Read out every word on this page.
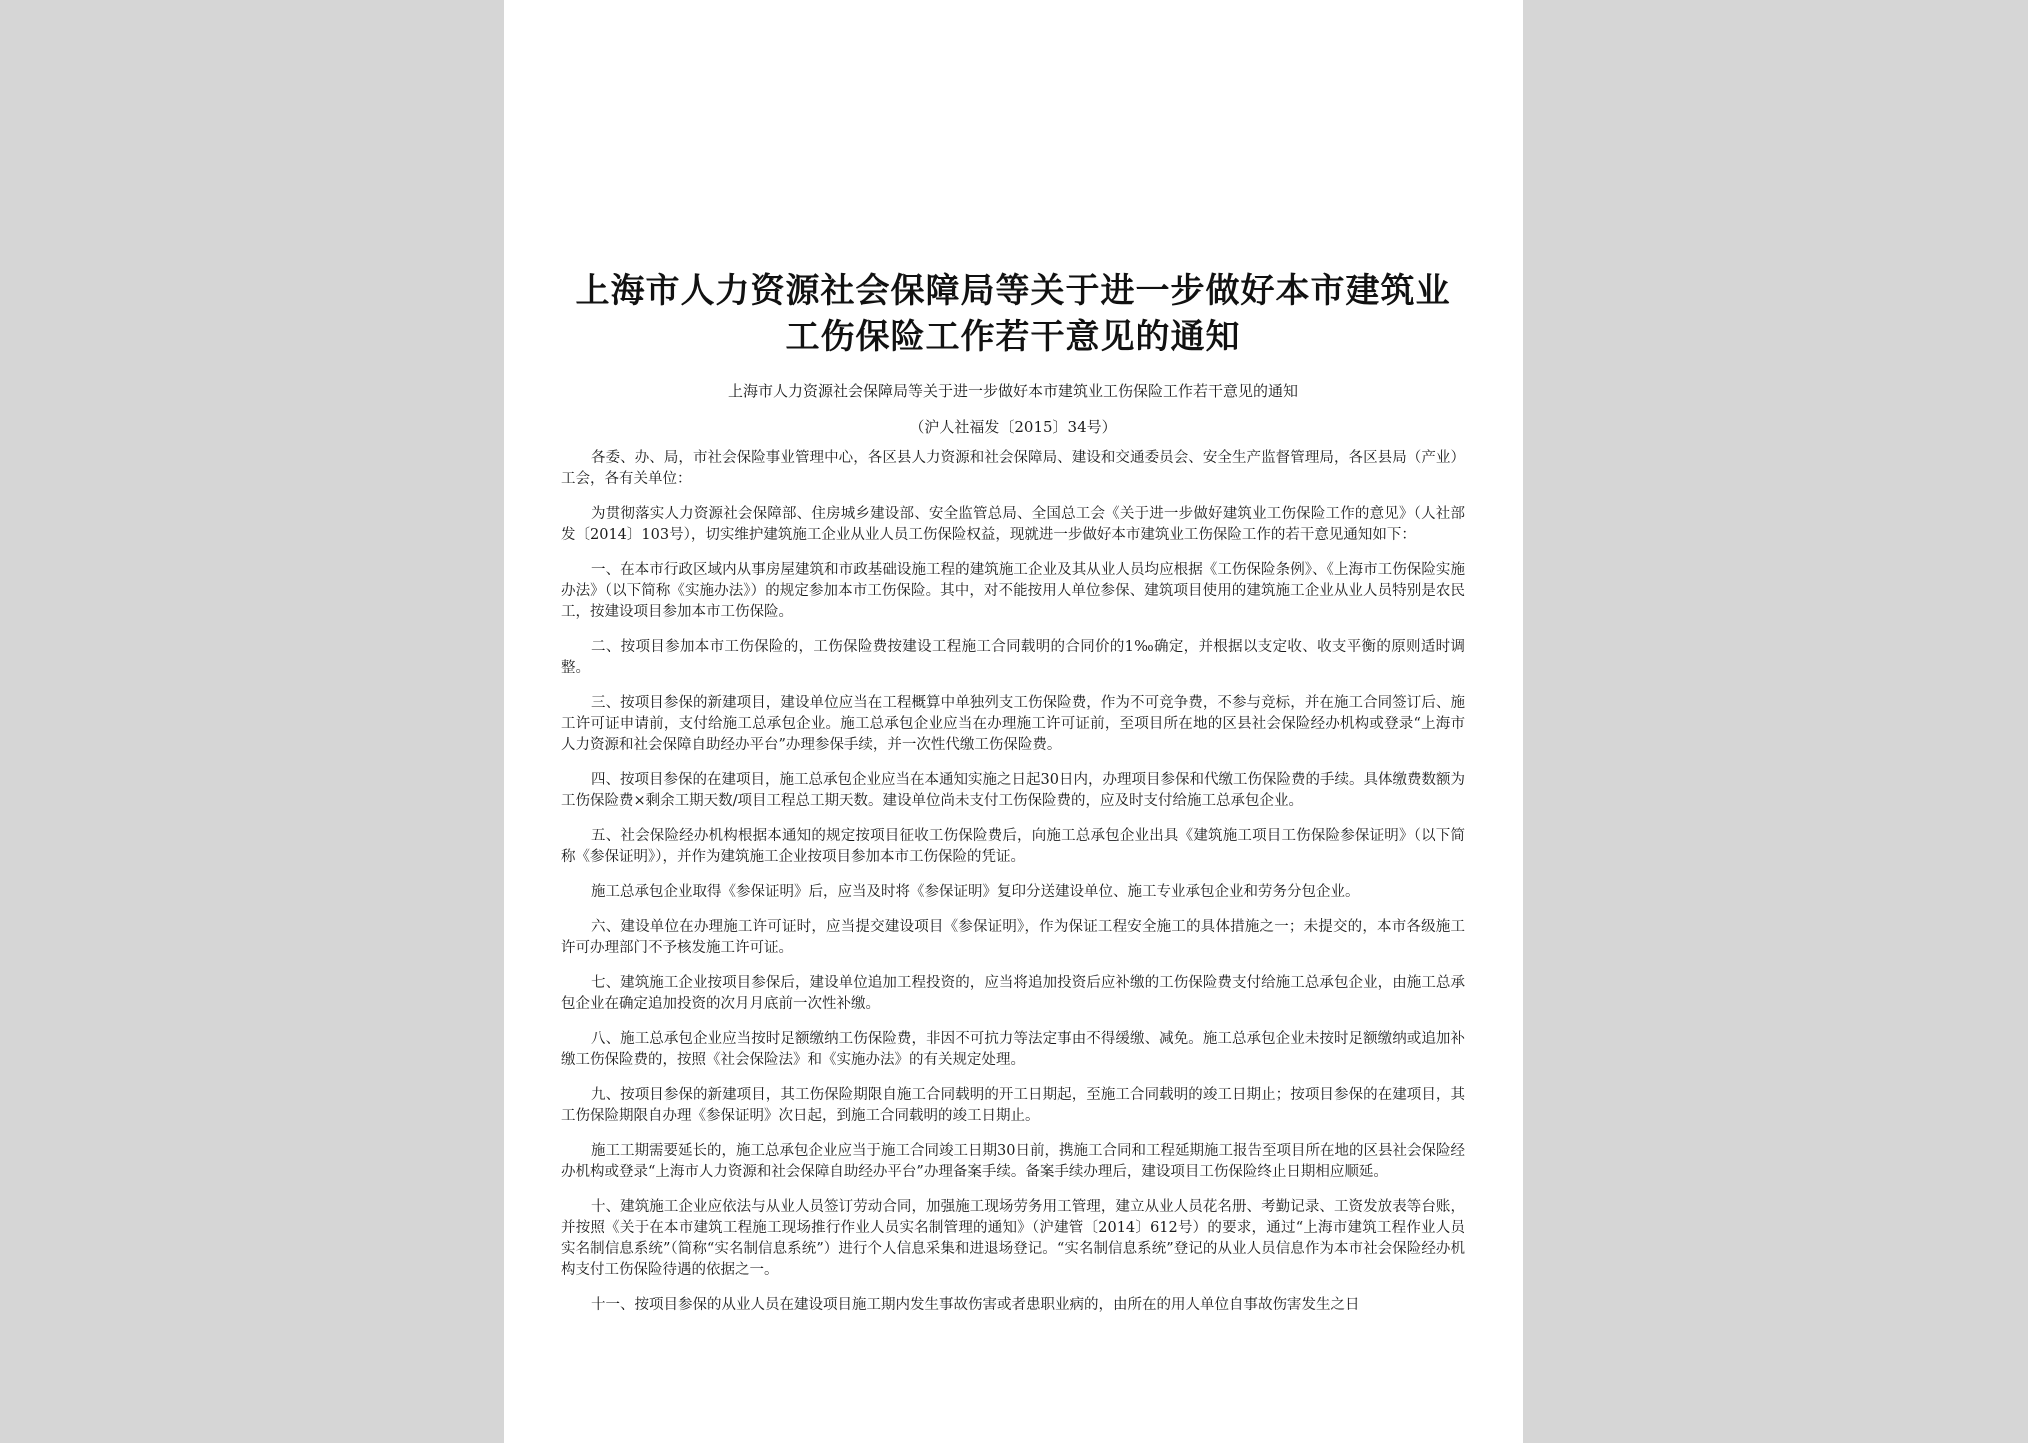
上海市人力资源社会保障局等关于进一步做好本市建筑业工伤保险工作若干意见的通知
上海市人力资源社会保障局等关于进一步做好本市建筑业工伤保险工作若干意见的通知
（沪人社福发〔2015〕34号）

各委、办、局，市社会保险事业管理中心，各区县人力资源和社会保障局、建设和交通委员会、安全生产监督管理局，各区县局（产业）工会，各有关单位：

为贯彻落实人力资源社会保障部、住房城乡建设部、安全监管总局、全国总工会《关于进一步做好建筑业工伤保险工作的意见》（人社部发〔2014〕103号），切实维护建筑施工企业从业人员工伤保险权益，现就进一步做好本市建筑业工伤保险工作的若干意见通知如下：

一、在本市行政区域内从事房屋建筑和市政基础设施工程的建筑施工企业及其从业人员均应根据《工伤保险条例》、《上海市工伤保险实施办法》（以下简称《实施办法》）的规定参加本市工伤保险。其中，对不能按用人单位参保、建筑项目使用的建筑施工企业从业人员特别是农民工，按建设项目参加本市工伤保险。

二、按项目参加本市工伤保险的，工伤保险费按建设工程施工合同载明的合同价的1‰确定，并根据以支定收、收支平衡的原则适时调整。

三、按项目参保的新建项目，建设单位应当在工程概算中单独列支工伤保险费，作为不可竞争费，不参与竞标，并在施工合同签订后、施工许可证申请前，支付给施工总承包企业。施工总承包企业应当在办理施工许可证前，至项目所在地的区县社会保险经办机构或登录“上海市人力资源和社会保障自助经办平台”办理参保手续，并一次性代缴工伤保险费。

四、按项目参保的在建项目，施工总承包企业应当在本通知实施之日起30日内，办理项目参保和代缴工伤保险费的手续。具体缴费数额为工伤保险费×剩余工期天数/项目工程总工期天数。建设单位尚未支付工伤保险费的，应及时支付给施工总承包企业。

五、社会保险经办机构根据本通知的规定按项目征收工伤保险费后，向施工总承包企业出具《建筑施工项目工伤保险参保证明》（以下简称《参保证明》），并作为建筑施工企业按项目参加本市工伤保险的凭证。

施工总承包企业取得《参保证明》后，应当及时将《参保证明》复印分送建设单位、施工专业承包企业和劳务分包企业。

六、建设单位在办理施工许可证时，应当提交建设项目《参保证明》，作为保证工程安全施工的具体措施之一；未提交的，本市各级施工许可办理部门不予核发施工许可证。

七、建筑施工企业按项目参保后，建设单位追加工程投资的，应当将追加投资后应补缴的工伤保险费支付给施工总承包企业，由施工总承包企业在确定追加投资的次月月底前一次性补缴。

八、施工总承包企业应当按时足额缴纳工伤保险费，非因不可抗力等法定事由不得缓缴、减免。施工总承包企业未按时足额缴纳或追加补缴工伤保险费的，按照《社会保险法》和《实施办法》的有关规定处理。

九、按项目参保的新建项目，其工伤保险期限自施工合同载明的开工日期起，至施工合同载明的竣工日期止；按项目参保的在建项目，其工伤保险期限自办理《参保证明》次日起，到施工合同载明的竣工日期止。

施工工期需要延长的，施工总承包企业应当于施工合同竣工日期30日前，携施工合同和工程延期施工报告至项目所在地的区县社会保险经办机构或登录“上海市人力资源和社会保障自助经办平台”办理备案手续。备案手续办理后，建设项目工伤保险终止日期相应顺延。

十、建筑施工企业应依法与从业人员签订劳动合同，加强施工现场劳务用工管理，建立从业人员花名册、考勤记录、工资发放表等台账，并按照《关于在本市建筑工程施工现场推行作业人员实名制管理的通知》（沪建管〔2014〕612号）的要求，通过“上海市建筑工程作业人员实名制信息系统”（简称“实名制信息系统”）进行个人信息采集和进退场登记。“实名制信息系统”登记的从业人员信息作为本市社会保险经办机构支付工伤保险待遇的依据之一。

十一、按项目参保的从业人员在建设项目施工期内发生事故伤害或者患职业病的，由所在的用人单位自事故伤害发生之日
